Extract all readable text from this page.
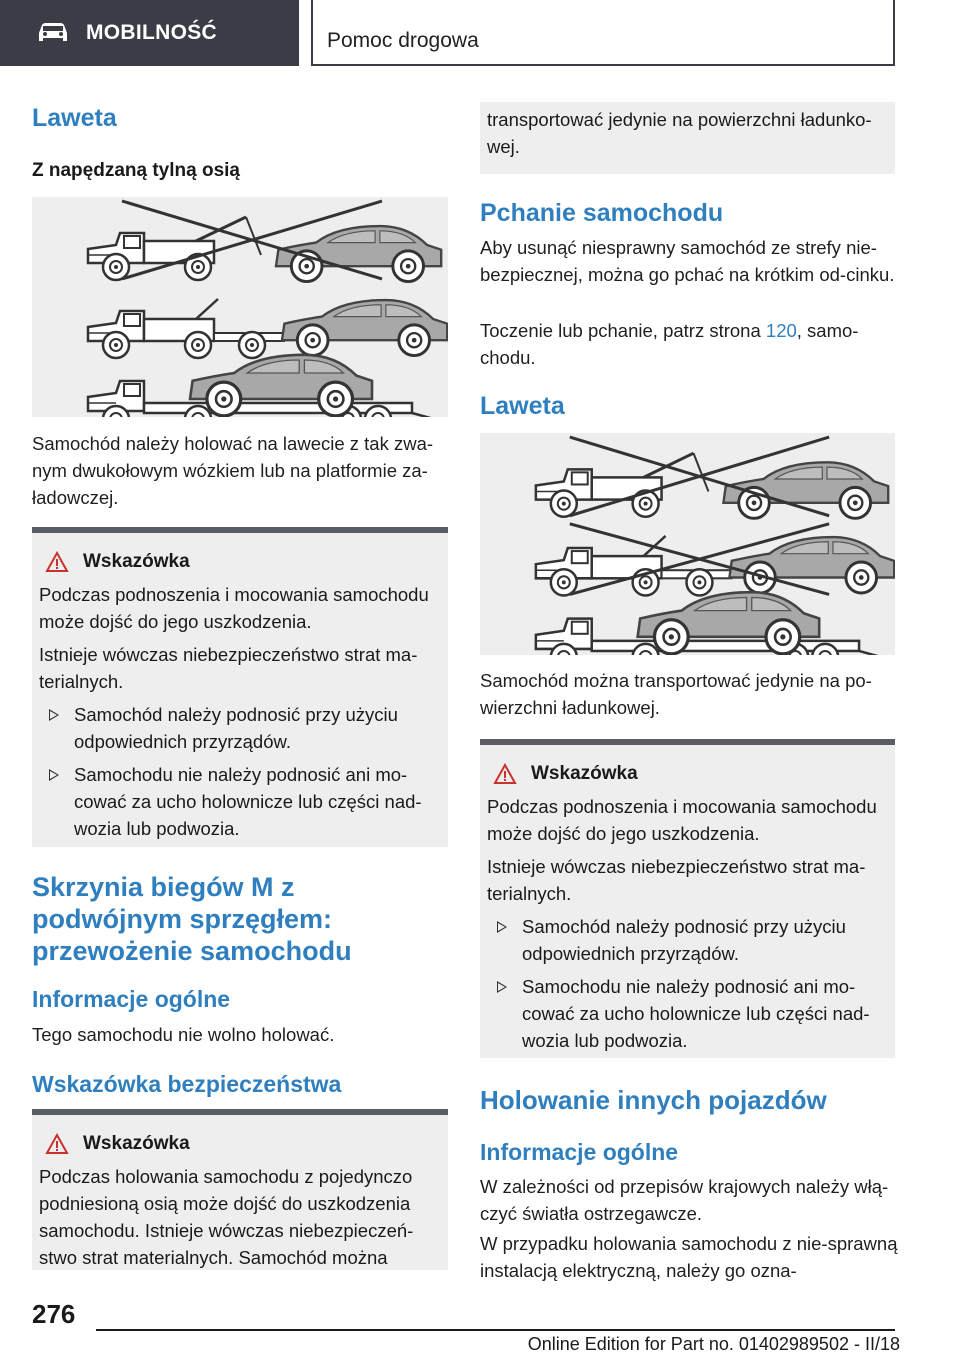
MOBILNOŚĆ	Pomoc drogowa
Laweta
Z napędzaną tylną osią

Samochód należy holować na lawecie z tak zwa-nym dwukołowym wózkiem lub na platformie za-ładowczej.

Wskazówka

Podczas podnoszenia i mocowania samochodu może dojść do jego uszkodzenia.

Istnieje wówczas niebezpieczeństwo strat ma-terialnych.

Samochód należy podnosić przy użyciu odpowiednich przyrządów.
Samochodu nie należy podnosić ani mo-cować za ucho holownicze lub części nad-wozia lub podwozia.
Skrzynia biegów M z podwójnym sprzęgłem: przewożenie samochodu
Informacje ogólne

Tego samochodu nie wolno holować.

Wskazówka bezpieczeństwa
Wskazówka

Podczas holowania samochodu z pojedynczo podniesioną osią może dojść do uszkodzenia samochodu. Istnieje wówczas niebezpieczeń-stwo strat materialnych. Samochód można

transportować jedynie na powierzchni ładunko-wej.

Pchanie samochodu

Aby usunąć niesprawny samochód ze strefy nie-bezpiecznej, można go pchać na krótkim od-cinku.

Toczenie lub pchanie, patrz strona 120, samo-chodu.

Laweta

Samochód można transportować jedynie na po-wierzchni ładunkowej.

Wskazówka

Podczas podnoszenia i mocowania samochodu może dojść do jego uszkodzenia.

Istnieje wówczas niebezpieczeństwo strat ma-terialnych.

Samochód należy podnosić przy użyciu odpowiednich przyrządów.
Samochodu nie należy podnosić ani mo-cować za ucho holownicze lub części nad-wozia lub podwozia.
Holowanie innych pojazdów
Informacje ogólne

W zależności od przepisów krajowych należy włą-czyć światła ostrzegawcze.

W przypadku holowania samochodu z nie-sprawną instalacją elektryczną, należy go ozna-

276
Online Edition for Part no. 01402989502 - II/18
